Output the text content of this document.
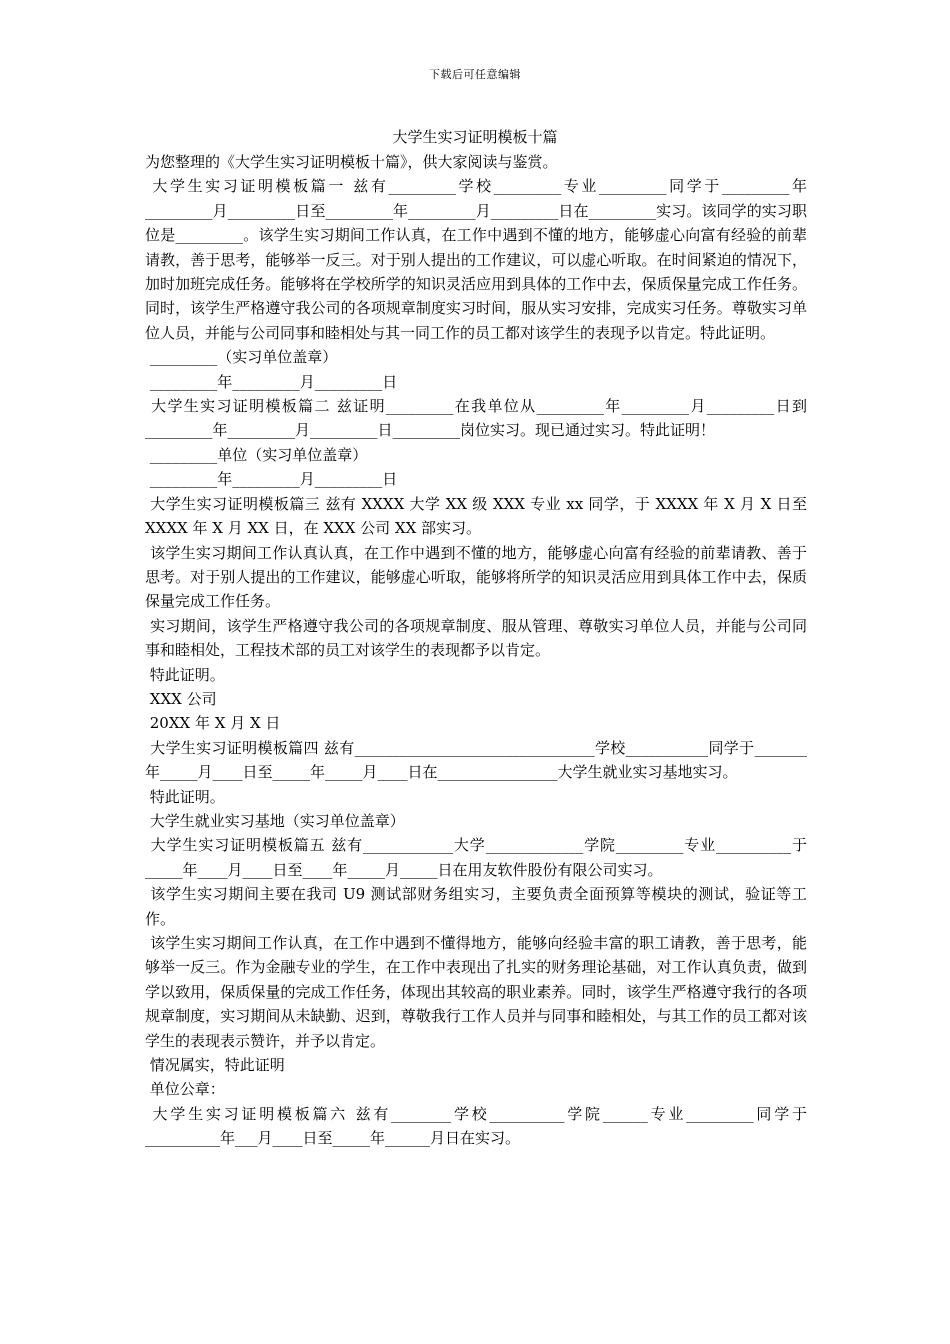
下载后可任意编辑
大学生实习证明模板十篇

为您整理的《大学生实习证明模板十篇》，供大家阅读与鉴赏。

大学生实习证明模板篇一 兹有_________学校_________专业_________同学于_________年_________月_________日至_________年_________月_________日在_________实习。该同学的实习职位是_________。该学生实习期间工作认真，在工作中遇到不懂的地方，能够虚心向富有经验的前辈请教，善于思考，能够举一反三。对于别人提出的工作建议，可以虚心听取。在时间紧迫的情况下，加时加班完成任务。能够将在学校所学的知识灵活应用到具体的工作中去，保质保量完成工作任务。同时，该学生严格遵守我公司的各项规章制度实习时间，服从实习安排，完成实习任务。尊敬实习单位人员，并能与公司同事和睦相处与其一同工作的员工都对该学生的表现予以肯定。特此证明。

_________（实习单位盖章）

_________年_________月_________日

大学生实习证明模板篇二 兹证明_________在我单位从_________年_________月_________日到_________年_________月_________日_________岗位实习。现已通过实习。特此证明！

_________单位（实习单位盖章）

_________年_________月_________日

大学生实习证明模板篇三 兹有 XXXX 大学 XX 级 XXX 专业 xx 同学，于 XXXX 年 X 月 X 日至 XXXX 年 X 月 XX 日，在 XXX 公司 XX 部实习。

该学生实习期间工作认真认真，在工作中遇到不懂的地方，能够虚心向富有经验的前辈请教、善于思考。对于别人提出的工作建议，能够虚心听取，能够将所学的知识灵活应用到具体工作中去，保质保量完成工作任务。

实习期间，该学生严格遵守我公司的各项规章制度、服从管理、尊敬实习单位人员，并能与公司同事和睦相处，工程技术部的员工对该学生的表现都予以肯定。

特此证明。

XXX 公司

20XX 年 X 月 X 日

大学生实习证明模板篇四 兹有________________________________学校___________同学于_______年_____月____日至_____年_____月____日在________________大学生就业实习基地实习。

特此证明。

大学生就业实习基地（实习单位盖章）

大学生实习证明模板篇五 兹有____________大学_____________学院_________专业__________于_____年____月____日至____年_____月_____日在用友软件股份有限公司实习。

该学生实习期间主要在我司 U9 测试部财务组实习，主要负责全面预算等模块的测试，验证等工作。

该学生实习期间工作认真，在工作中遇到不懂得地方，能够向经验丰富的职工请教，善于思考，能够举一反三。作为金融专业的学生，在工作中表现出了扎实的财务理论基础，对工作认真负责，做到学以致用，保质保量的完成工作任务，体现出其较高的职业素养。同时，该学生严格遵守我行的各项规章制度，实习期间从未缺勤、迟到，尊敬我行工作人员并与同事和睦相处，与其工作的员工都对该学生的表现表示赞许，并予以肯定。

情况属实，特此证明

单位公章：

大学生实习证明模板篇六 兹有________学校__________学院______专业_________同学于__________年___月____日至_____年______月日在实习。
